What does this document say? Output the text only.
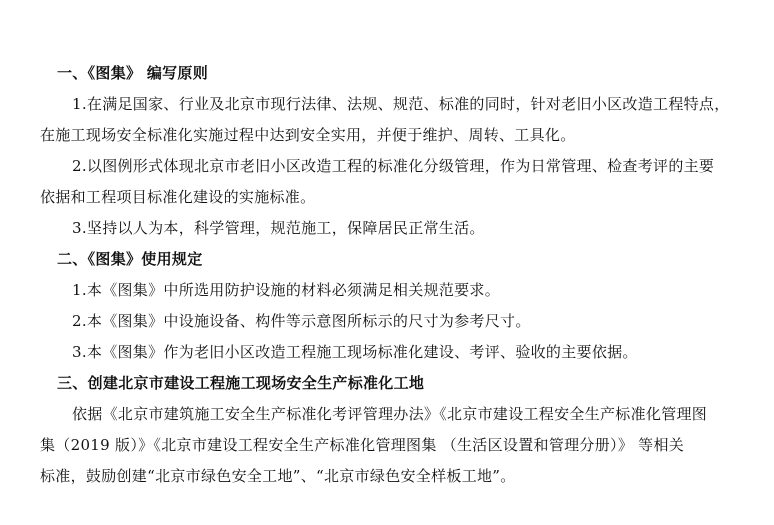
一、《图集》 编写原则
1.在满足国家、行业及北京市现行法律、法规、规范、标准的同时，针对老旧小区改造工程特点，
在施工现场安全标准化实施过程中达到安全实用，并便于维护、周转、工具化。
2.以图例形式体现北京市老旧小区改造工程的标准化分级管理，作为日常管理、检查考评的主要
依据和工程项目标准化建设的实施标准。
3.坚持以人为本，科学管理，规范施工，保障居民正常生活。
二、《图集》使用规定
1.本《图集》中所选用防护设施的材料必须满足相关规范要求。
2.本《图集》中设施设备、构件等示意图所标示的尺寸为参考尺寸。
3.本《图集》作为老旧小区改造工程施工现场标准化建设、考评、验收的主要依据。
三、创建北京市建设工程施工现场安全生产标准化工地
依据《北京市建筑施工安全生产标准化考评管理办法》《北京市建设工程安全生产标准化管理图
集（2019 版）》《北京市建设工程安全生产标准化管理图集 （生活区设置和管理分册）》 等相关
标准，鼓励创建“北京市绿色安全工地”、“北京市绿色安全样板工地”。
